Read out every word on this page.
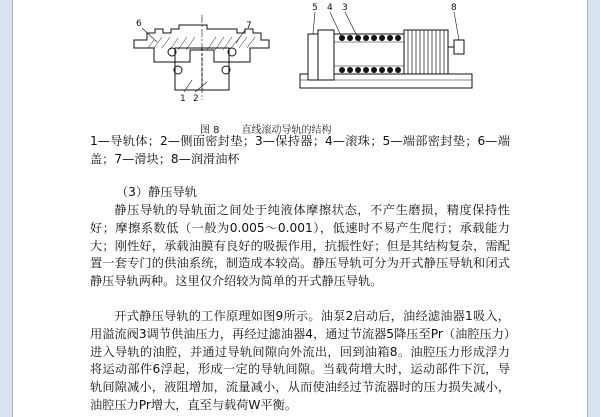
6	7
1 2
5 4 3	8
图 8 直线滚动导轨的结构
1—导轨体；2—侧面密封垫；3—保持器；4—滚珠；5—端部密封垫；6—端盖；7—滑块；8—润滑油杯
（3）静压导轨
静压导轨的导轨面之间处于纯液体摩擦状态，不产生磨损，精度保持性好；摩擦系数低（一般为0.005～0.001），低速时不易产生爬行；承载能力大；刚性好，承载油膜有良好的吸振作用，抗振性好；但是其结构复杂，需配置一套专门的供油系统，制造成本较高。静压导轨可分为开式静压导轨和闭式静压导轨两种。这里仅介绍较为简单的开式静压导轨。
开式静压导轨的工作原理如图9所示。油泵2启动后，油经滤油器1吸入，用溢流阀3调节供油压力，再经过滤油器4，通过节流器5降压至Pr（油腔压力）进入导轨的油腔，并通过导轨间隙向外流出，回到油箱8。油腔压力形成浮力将运动部件6浮起，形成一定的导轨间隙。当载荷增大时，运动部件下沉，导轨间隙减小，液阻增加，流量减小，从而使油经过节流器时的压力损失减小，油腔压力Pr增大，直至与载荷W平衡。
